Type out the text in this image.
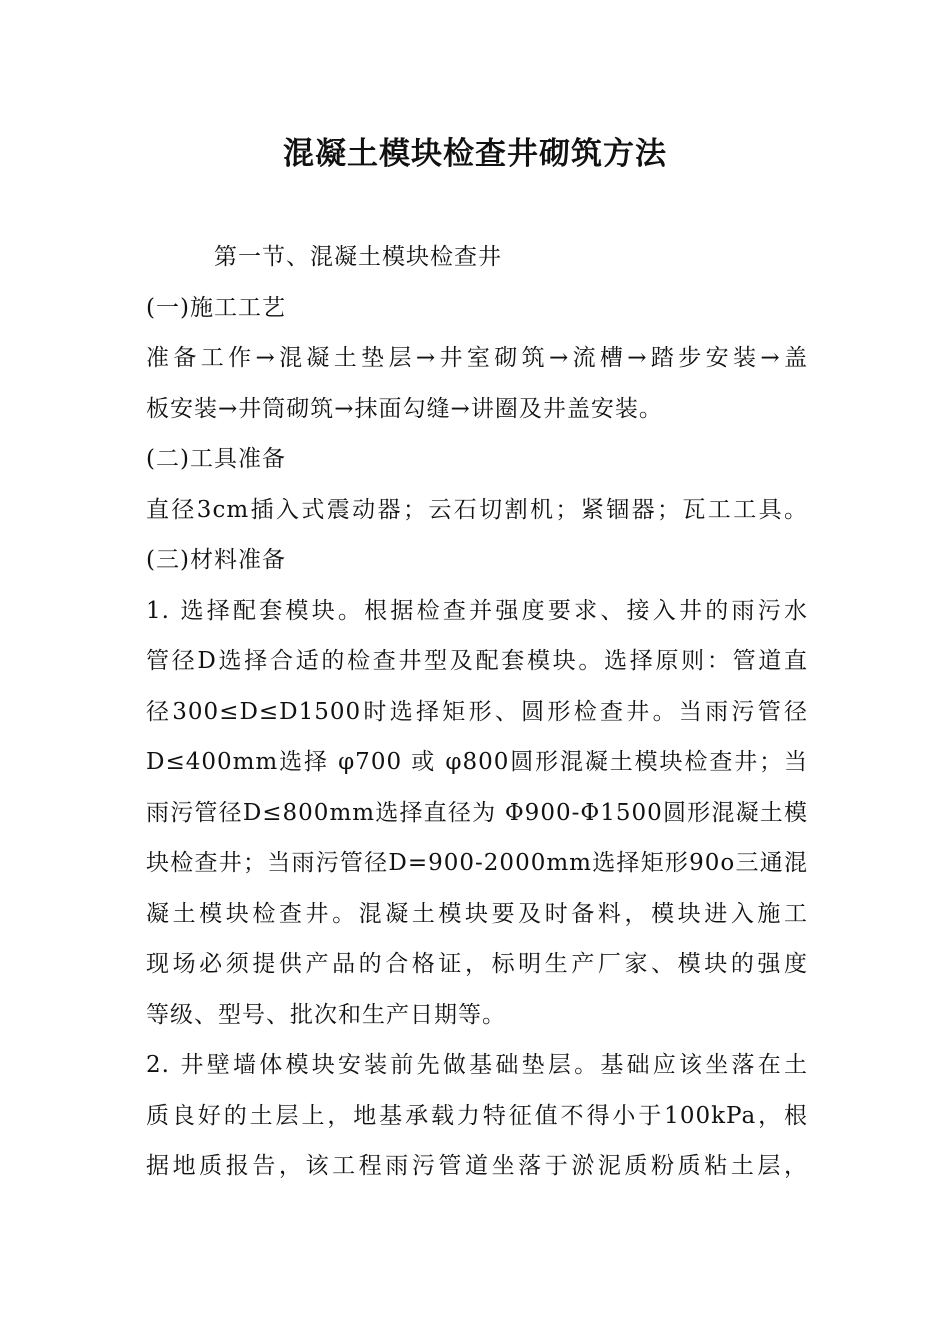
混凝土模块检查井砌筑方法
第一节、混凝土模块检查井
(一)施工工艺
准备工作→混凝土垫层→井室砌筑→流槽→踏步安装→盖
板安装→井筒砌筑→抹面勾缝→讲圈及井盖安装。
(二)工具准备
直径3cm插入式震动器；云石切割机；紧锢器；瓦工工具。
(三)材料准备
1. 选择配套模块。根据检查并强度要求、接入井的雨污水
管径D选择合适的检查井型及配套模块。选择原则：管道直
径300≤D≤D1500时选择矩形、圆形检查井。当雨污管径
D≤400mm选择 φ700 或 φ800圆形混凝土模块检查井；当
雨污管径D≤800mm选择直径为 Φ900-Φ1500圆形混凝土模
块检查井；当雨污管径D=900-2000mm选择矩形90o三通混
凝土模块检查井。混凝土模块要及时备料，模块进入施工
现场必须提供产品的合格证，标明生产厂家、模块的强度
等级、型号、批次和生产日期等。
2. 井壁墙体模块安装前先做基础垫层。基础应该坐落在土
质良好的土层上，地基承载力特征值不得小于100kPa，根
据地质报告，该工程雨污管道坐落于淤泥质粉质粘土层，
